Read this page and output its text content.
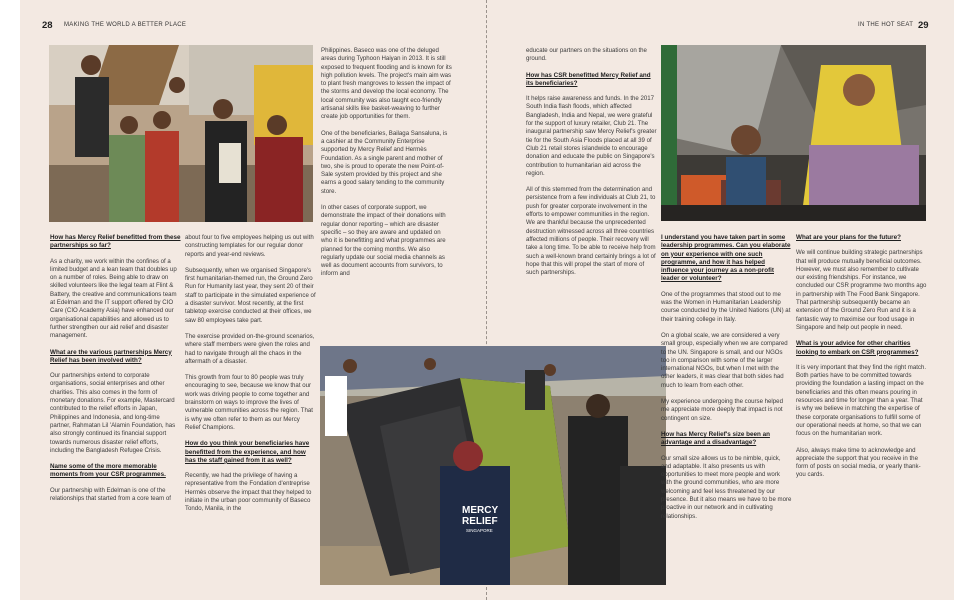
28 MAKING THE WORLD A BETTER PLACE	IN THE HOT SEAT 29
MERCY
RELIEF
SINGAPORE
How has Mercy Relief benefitted from these partnerships so far?

As a charity, we work within the confines of a limited budget and a lean team that doubles up on a number of roles. Being able to draw on skilled volunteers like the legal team at Flint & Battery, the creative and communications team at Edelman and the IT support offered by CIO Care (CIO Academy Asia) have enhanced our organisational capabilities and allowed us to further strengthen our aid relief and disaster management.

What are the various partnerships Mercy Relief has been involved with?

Our partnerships extend to corporate organisations, social enterprises and other charities. This also comes in the form of monetary donations. For example, Mastercard contributed to the relief efforts in Japan, Philippines and Indonesia, and long-time partner, Rahmatan Lil 'Alamin Foundation, has also strongly continued its financial support towards numerous disaster relief efforts, including the Bangladesh Refugee Crisis.

Name some of the more memorable moments from your CSR programmes.

Our partnership with Edelman is one of the relationships that started from a core team of

about four to five employees helping us out with constructing templates for our regular donor reports and year-end reviews.

Subsequently, when we organised Singapore's first humanitarian-themed run, the Ground Zero Run for Humanity last year, they sent 20 of their staff to participate in the simulated experience of a disaster survivor. Most recently, at the first tabletop exercise conducted at their offices, we saw 80 employees take part.

The exercise provided on-the-ground scenarios, where staff members were given the roles and had to navigate through all the chaos in the aftermath of a disaster.

This growth from four to 80 people was truly encouraging to see, because we know that our work was driving people to come together and brainstorm on ways to improve the lives of vulnerable communities across the region. That is why we often refer to them as our Mercy Relief Champions.

How do you think your beneficiaries have benefitted from the experience, and how has the staff gained from it as well?

Recently, we had the privilege of having a representative from the Fondation d'entreprise Hermès observe the impact that they helped to initiate in the urban poor community of Baseco Tondo, Manila, in the

Philippines. Baseco was one of the deluged areas during Typhoon Haiyan in 2013. It is still exposed to frequent flooding and is known for its high pollution levels. The project's main aim was to plant fresh mangroves to lessen the impact of the storms and develop the local economy. The local community was also taught eco-friendly artisanal skills like basket-weaving to further create job opportunities for them.

One of the beneficiaries, Bailaga Sansaluna, is a cashier at the Community Enterprise supported by Mercy Relief and Hermès Foundation. As a single parent and mother of two, she is proud to operate the new Point-of-Sale system provided by this project and she earns a good salary tending to the community store.

In other cases of corporate support, we demonstrate the impact of their donations with regular donor reporting – which are disaster specific – so they are aware and updated on who it is benefitting and what programmes are planned for the coming months. We also regularly update our social media channels as well as document accounts from survivors, to inform and

educate our partners on the situations on the ground.

How has CSR benefitted Mercy Relief and its beneficiaries?

It helps raise awareness and funds. In the 2017 South India flash floods, which affected Bangladesh, India and Nepal, we were grateful for the support of luxury retailer, Club 21. The inaugural partnership saw Mercy Relief's greater tie for the South Asia Floods placed at all 39 of Club 21 retail stores islandwide to encourage donation and educate the public on Singapore's contribution to humanitarian aid across the region.

All of this stemmed from the determination and persistence from a few individuals at Club 21, to push for greater corporate involvement in the efforts to empower communities in the region. We are thankful because the unprecedented destruction witnessed across all three countries affected millions of people. Their recovery will take a long time. To be able to receive help from such a well-known brand certainly brings a lot of hope that this will propel the start of more of such partnerships.

I understand you have taken part in some leadership programmes. Can you elaborate on your experience with one such programme, and how it has helped influence your journey as a non-profit leader or volunteer?

One of the programmes that stood out to me was the Women in Humanitarian Leadership course conducted by the United Nations (UN) at their training college in Italy.

On a global scale, we are considered a very small group, especially when we are compared to the UN. Singapore is small, and our NGOs too in comparison with some of the larger international NGOs, but when I met with the other leaders, it was clear that both sides had much to learn from each other.

My experience undergoing the course helped me appreciate more deeply that impact is not contingent on size.

How has Mercy Relief's size been an advantage and a disadvantage?

Our small size allows us to be nimble, quick, and adaptable. It also presents us with opportunities to meet more people and work with the ground communities, who are more welcoming and feel less threatened by our presence. But it also means we have to be more proactive in our network and in cultivating relationships.

What are your plans for the future?

We will continue building strategic partnerships that will produce mutually beneficial outcomes. However, we must also remember to cultivate our existing friendships. For instance, we concluded our CSR programme two months ago in partnership with The Food Bank Singapore. That partnership subsequently became an extension of the Ground Zero Run and it is a fantastic way to maximise our food usage in Singapore and help out people in need.

What is your advice for other charities looking to embark on CSR programmes?

It is very important that they find the right match. Both parties have to be committed towards providing the foundation a lasting impact on the beneficiaries and this often means pouring in resources and time for longer than a year. That is why we believe in matching the expertise of these corporate organisations to fulfill some of our operational needs at home, so that we can focus on the humanitarian work.

Also, always make time to acknowledge and appreciate the support that you receive in the form of posts on social media, or yearly thank-you cards.
